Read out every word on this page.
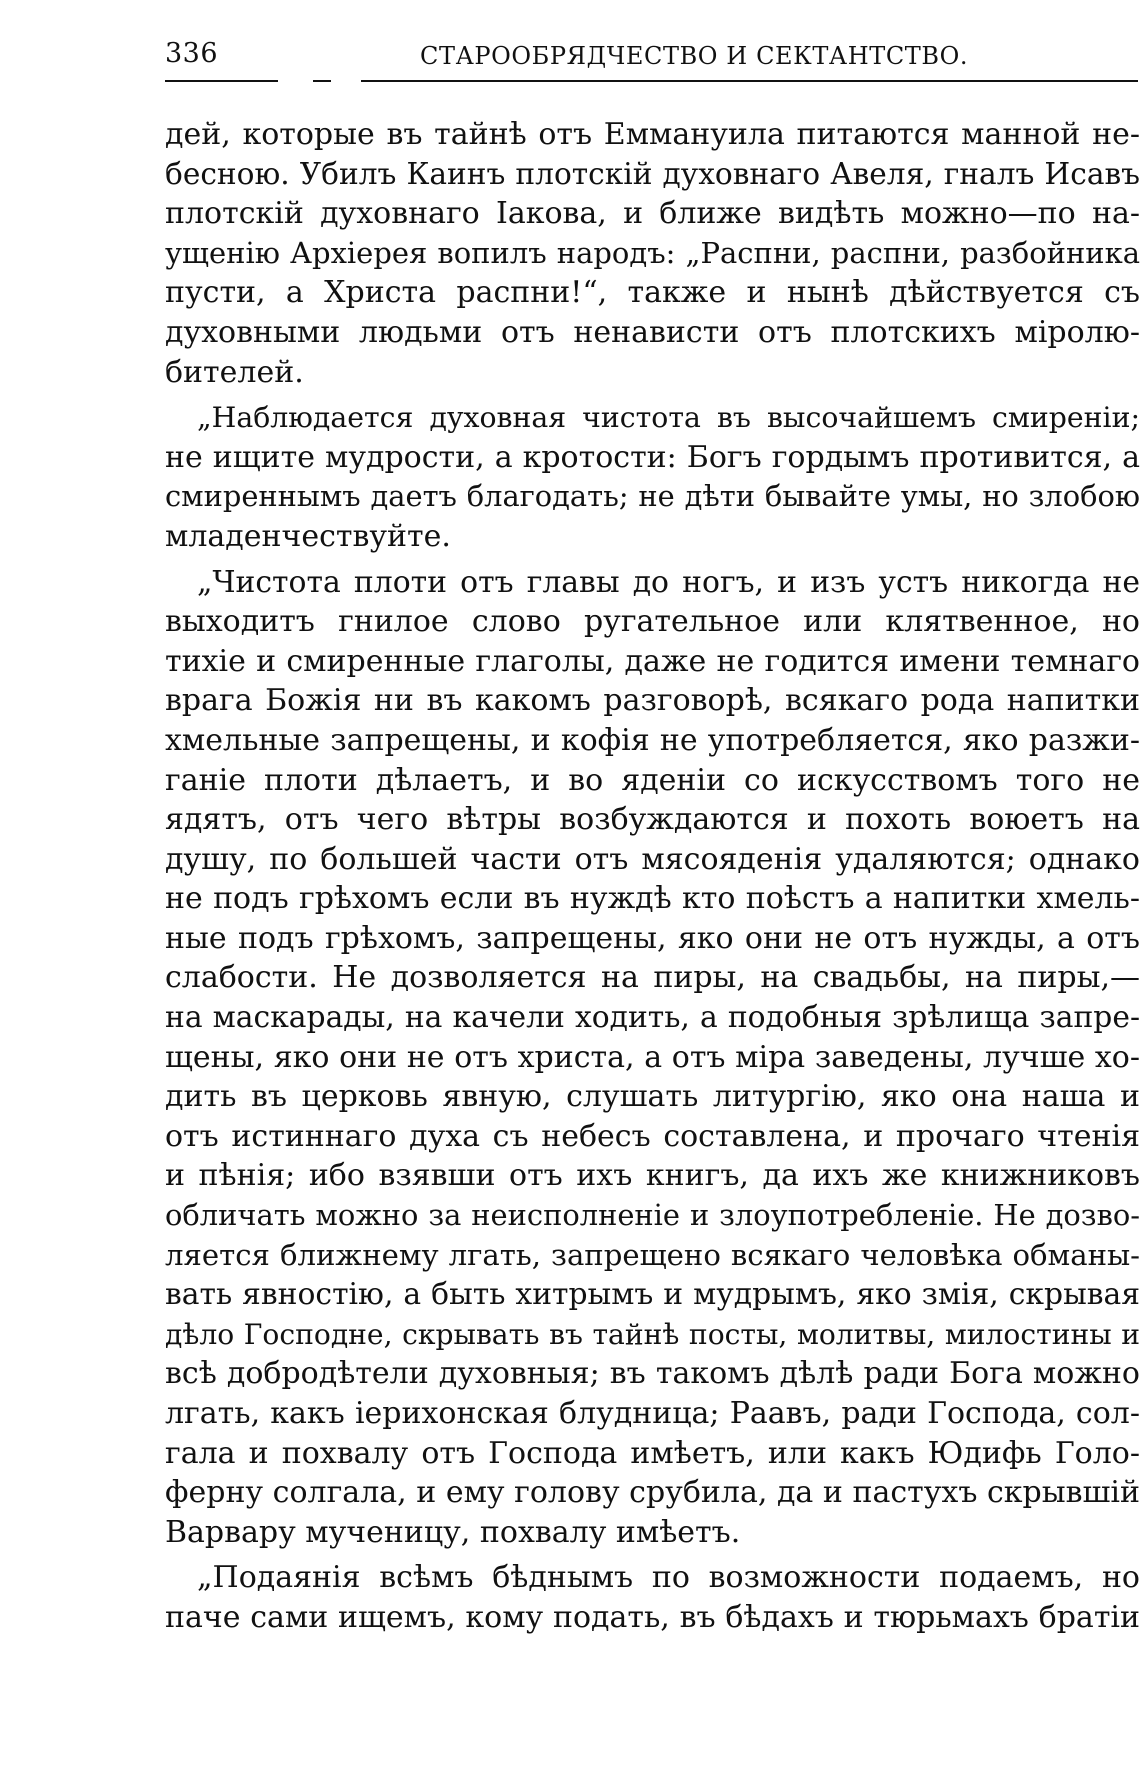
336	СТАРООБРЯДЧЕСТВО И СЕКТАНТСТВО.
дей, которые въ тайнѣ отъ Еммануила питаются манной не-
бесною. Убилъ Каинъ плотскій духовнаго Авеля, гналъ Исавъ
плотскій духовнаго Іакова, и ближе видѣть можно—по на-
ущенію Архіерея вопилъ народъ: „Распни, распни, разбойника
пусти, а Христа распни!“, также и нынѣ дѣйствуется съ
духовными людьми отъ ненависти отъ плотскихъ міролю-
бителей.
„Наблюдается духовная чистота въ высочайшемъ смиреніи;
не ищите мудрости, а кротости: Богъ гордымъ противится, а
смиреннымъ даетъ благодать; не дѣти бывайте умы, но злобою
младенчествуйте.
„Чистота плоти отъ главы до ногъ, и изъ устъ никогда не
выходитъ гнилое слово ругательное или клятвенное, но
тихіе и смиренные глаголы, даже не годится имени темнаго
врага Божія ни въ какомъ разговорѣ, всякаго рода напитки
хмельные запрещены, и кофія не употребляется, яко разжи-
ганіе плоти дѣлаетъ, и во ядeніи со искусствомъ того не
ядятъ, отъ чего вѣтры возбуждаются и похоть воюетъ на
душу, по большей части отъ мясояденія удаляются; однако
не подъ грѣхомъ если въ нуждѣ кто поѣстъ а напитки хмель-
ные подъ грѣхомъ, запрещены, яко они не отъ нужды, а отъ
слабости. Не дозволяется на пиры, на свадьбы, на пиры,—
на маскарады, на качели ходить, а подобныя зрѣлища запре-
щены, яко они не отъ христа, а отъ міра заведены, лучше хо-
дить въ церковь явную, слушать литургію, яко она наша и
отъ истиннаго духа съ небесъ составлена, и прочаго чтенія
и пѣнія; ибо взявши отъ ихъ книгъ, да ихъ же книжниковъ
обличать можно за неисполненіе и злоупотребленіе. Не дозво-
ляется ближнему лгать, запрещено всякаго человѣка обманы-
вать явностію, а быть хитрымъ и мудрымъ, яко змія, скрывая
дѣло Господне, скрывать въ тайнѣ посты, молитвы, милостины и
всѣ добродѣтели духовныя; въ такомъ дѣлѣ ради Бога можно
лгать, какъ іерихонская блудница; Раавъ, ради Господа, сол-
гала и похвалу отъ Господа имѣетъ, или какъ Юдифь Голо-
ферну солгала, и ему голову срубила, да и пастухъ скрывшій
Варвару мученицу, похвалу имѣетъ.
„Подаянія всѣмъ бѣднымъ по возможности подаемъ, но
паче сами ищемъ, кому подать, въ бѣдахъ и тюрьмахъ братіи
